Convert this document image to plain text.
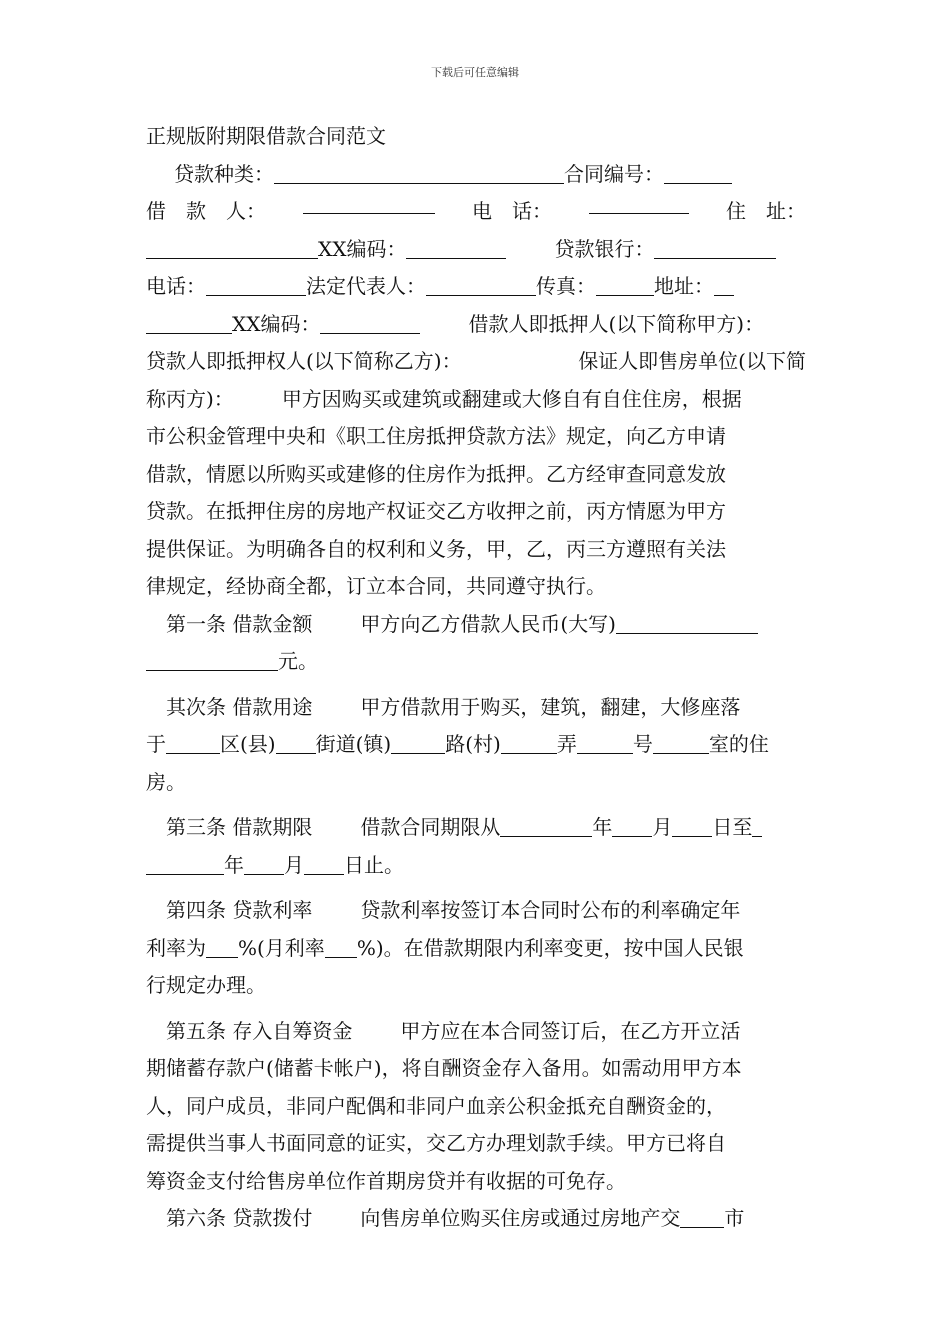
下载后可任意编辑
正规版附期限借款合同范文
贷款种类：	合同编号：
借　款　人：	电　话：	住　址：
XX编码：	贷款银行：
电话：	法定代表人：	传真：	地址：
XX编码：	借款人即抵押人(以下简称甲方)：
贷款人即抵押权人(以下简称乙方)：	保证人即售房单位(以下简
称丙方)： 甲方因购买或建筑或翻建或大修自有自住住房，根据
市公积金管理中央和《职工住房抵押贷款方法》规定，向乙方申请
借款，情愿以所购买或建修的住房作为抵押。乙方经审查同意发放
贷款。在抵押住房的房地产权证交乙方收押之前，丙方情愿为甲方
提供保证。为明确各自的权利和义务，甲，乙，丙三方遵照有关法
律规定，经协商全都，订立本合同，共同遵守执行。
第一条 借款金额 甲方向乙方借款人民币(大写)
元。
其次条 借款用途 甲方借款用于购买，建筑，翻建，大修座落
于	区(县) 街道(镇)	路(村)	弄	号	室的住
房。
第三条 借款期限 借款合同期限从	年 月 日至
年 月 日止。
第四条 贷款利率 贷款利率按签订本合同时公布的利率确定年
利率为 %(月利率 %)。在借款期限内利率变更，按中国人民银
行规定办理。
第五条 存入自筹资金 甲方应在本合同签订后，在乙方开立活
期储蓄存款户(储蓄卡帐户)，将自酬资金存入备用。如需动用甲方本
人，同户成员，非同户配偶和非同户血亲公积金抵充自酬资金的，
需提供当事人书面同意的证实，交乙方办理划款手续。甲方已将自
筹资金支付给售房单位作首期房贷并有收据的可免存。
第六条 贷款拨付 向售房单位购买住房或通过房地产交 市
